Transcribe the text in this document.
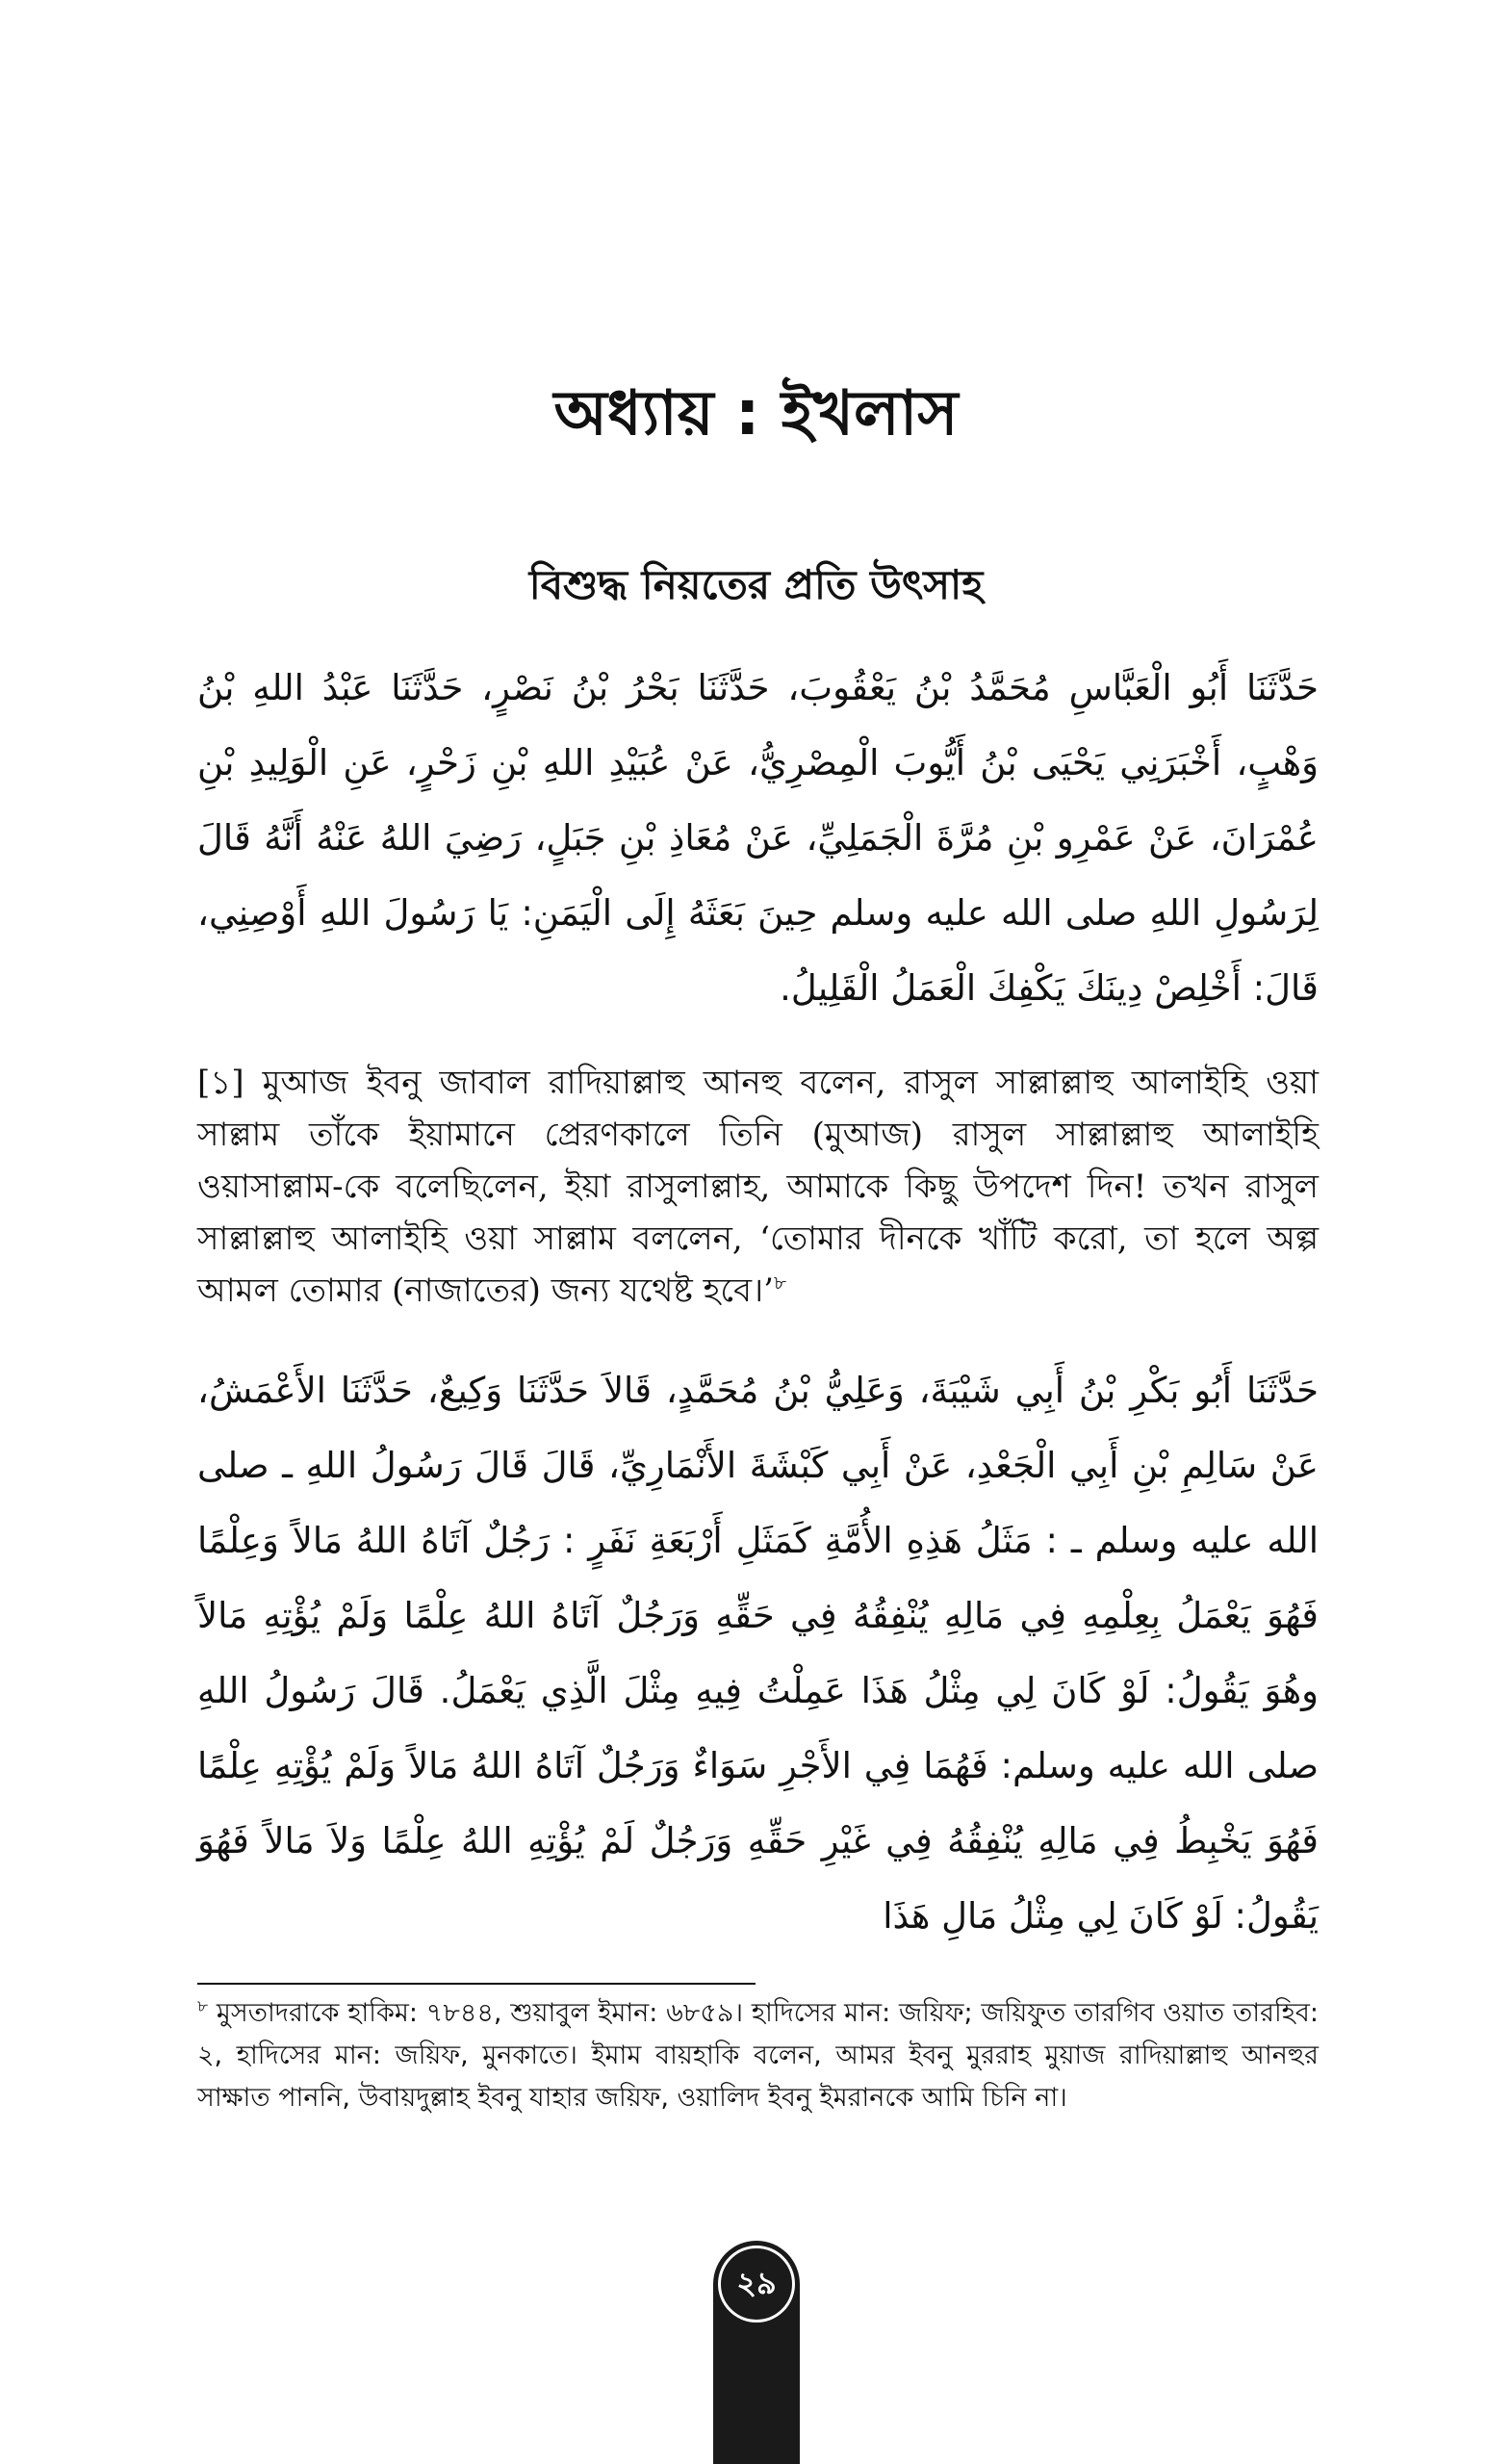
অধ্যায় : ইখলাস
বিশুদ্ধ নিয়তের প্রতি উৎসাহ

حَدَّثَنَا أَبُو الْعَبَّاسِ مُحَمَّدُ بْنُ يَعْقُوبَ، حَدَّثَنَا بَحْرُ بْنُ نَصْرٍ، حَدَّثَنَا عَبْدُ اللهِ بْنُ وَهْبٍ، أَخْبَرَنِي يَحْيَى بْنُ أَيُّوبَ الْمِصْرِيُّ، عَنْ عُبَيْدِ اللهِ بْنِ زَحْرٍ، عَنِ الْوَلِيدِ بْنِ عُمْرَانَ، عَنْ عَمْرِو بْنِ مُرَّةَ الْجَمَلِيِّ، عَنْ مُعَاذِ بْنِ جَبَلٍ، رَضِيَ اللهُ عَنْهُ أَنَّهُ قَالَ لِرَسُولِ اللهِ صلى الله عليه وسلم حِينَ بَعَثَهُ إِلَى الْيَمَنِ: يَا رَسُولَ اللهِ أَوْصِنِي، قَالَ: أَخْلِصْ دِينَكَ يَكْفِكَ الْعَمَلُ الْقَلِيلُ.

[১] মুআজ ইবনু জাবাল রাদিয়াল্লাহু আনহু বলেন, রাসুল সাল্লাল্লাহু আলাইহি ওয়া সাল্লাম তাঁকে ইয়ামানে প্রেরণকালে তিনি (মুআজ) রাসুল সাল্লাল্লাহু আলাইহি ওয়াসাল্লাম-কে বলেছিলেন, ইয়া রাসুলাল্লাহ, আমাকে কিছু উপদেশ দিন! তখন রাসুল সাল্লাল্লাহু আলাইহি ওয়া সাল্লাম বললেন, ‘তোমার দীনকে খাঁটি করো, তা হলে অল্প আমল তোমার (নাজাতের) জন্য যথেষ্ট হবে।’$^৮$

حَدَّثَنَا أَبُو بَكْرِ بْنُ أَبِي شَيْبَةَ، وَعَلِيُّ بْنُ مُحَمَّدٍ، قَالاَ حَدَّثَنَا وَكِيعٌ، حَدَّثَنَا الأَعْمَشُ، عَنْ سَالِمِ بْنِ أَبِي الْجَعْدِ، عَنْ أَبِي كَبْشَةَ الأَنْمَارِيِّ، قَالَ قَالَ رَسُولُ اللهِ ـ صلى الله عليه وسلم ـ : مَثَلُ هَذِهِ الأُمَّةِ كَمَثَلِ أَرْبَعَةِ نَفَرٍ : رَجُلٌ آتَاهُ اللهُ مَالاً وَعِلْمًا فَهُوَ يَعْمَلُ بِعِلْمِهِ فِي مَالِهِ يُنْفِقُهُ فِي حَقِّهِ وَرَجُلٌ آتَاهُ اللهُ عِلْمًا وَلَمْ يُؤْتِهِ مَالاً وهُوَ يَقُولُ: لَوْ كَانَ لِي مِثْلُ هَذَا عَمِلْتُ فِيهِ مِثْلَ الَّذِي يَعْمَلُ. قَالَ رَسُولُ اللهِ صلى الله عليه وسلم: فَهُمَا فِي الأَجْرِ سَوَاءٌ وَرَجُلٌ آتَاهُ اللهُ مَالاً وَلَمْ يُؤْتِهِ عِلْمًا فَهُوَ يَخْبِطُ فِي مَالِهِ يُنْفِقُهُ فِي غَيْرِ حَقِّهِ وَرَجُلٌ لَمْ يُؤْتِهِ اللهُ عِلْمًا وَلاَ مَالاً فَهُوَ يَقُولُ: لَوْ كَانَ لِي مِثْلُ مَالِ هَذَا

$^৮$ মুসতাদরাকে হাকিম: ৭৮৪৪, শুয়াবুল ইমান: ৬৮৫৯। হাদিসের মান: জয়িফ; জয়িফুত তারগিব ওয়াত তারহিব: ২, হাদিসের মান: জয়িফ, মুনকাতে। ইমাম বায়হাকি বলেন, আমর ইবনু মুররাহ মুয়াজ রাদিয়াল্লাহু আনহুর সাক্ষাত পাননি, উবায়দুল্লাহ ইবনু যাহার জয়িফ, ওয়ালিদ ইবনু ইমরানকে আমি চিনি না।

২৯
